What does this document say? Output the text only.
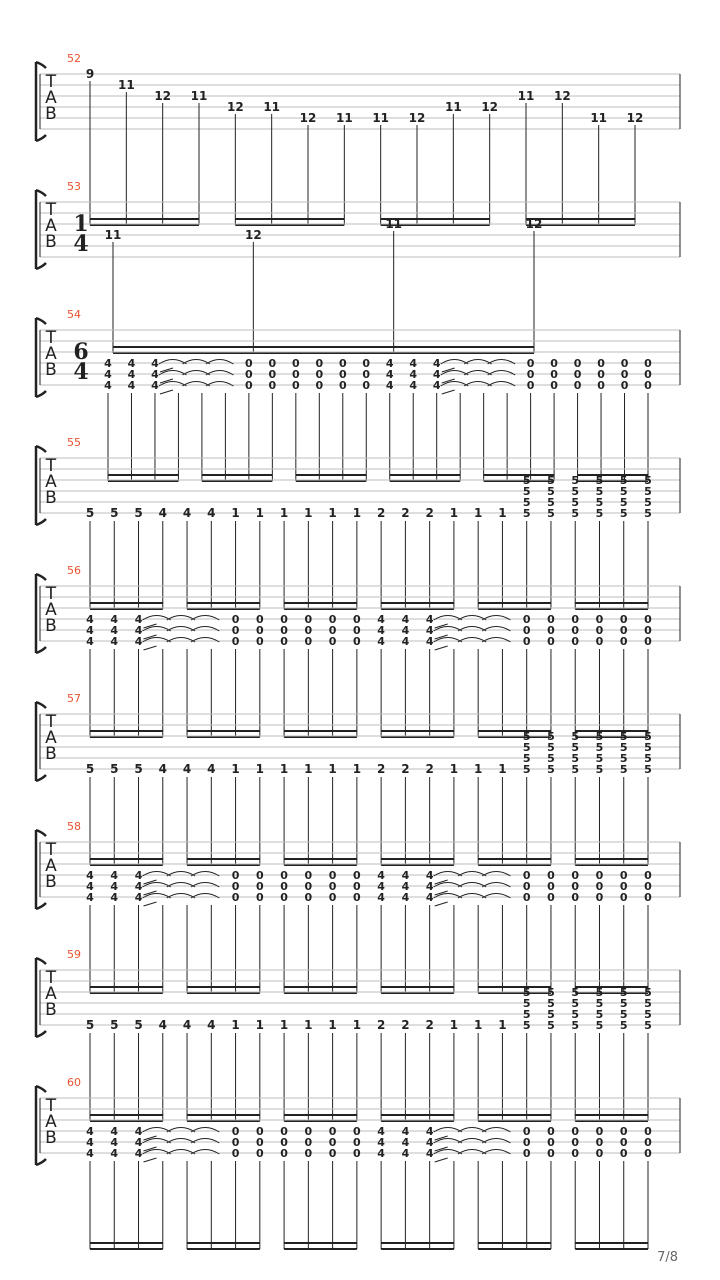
T
A
B
52
9
11
12 11
12 11
12 11 11 12
11 12
11 12
11 12
T
A
B
53
1
4 11	12
11	12
T
A
B
54
6
4 4
4
4
4
4
4
4
4
4
0
0
0
0
0
0
0
0
0
0
0
0
0
0
0
0
0
0
4
4
4
4
4
4
4
4
4
0
0
0
0
0
0
0
0
0
0
0
0
0
0
0
0
0
0
T
A
B
55
5 5 5 4 4 4 1 1 1 1 1 1 2 2 2 1 1 1
5
5
5
5
5
5
5
5
5
5
5
5
5
5
5
5
5
5
5
5
5
5
5
5
T
A
B
56
4
4
4
4
4
4
4
4
4
0
0
0
0
0
0
0
0
0
0
0
0
0
0
0
0
0
0
4
4
4
4
4
4
4
4
4
0
0
0
0
0
0
0
0
0
0
0
0
0
0
0
0
0
0
T
A
B
57
5 5 5 4 4 4 1 1 1 1 1 1 2 2 2 1 1 1
5
5
5
5
5
5
5
5
5
5
5
5
5
5
5
5
5
5
5
5
5
5
5
5
T
A
B
58
4
4
4
4
4
4
4
4
4
0
0
0
0
0
0
0
0
0
0
0
0
0
0
0
0
0
0
4
4
4
4
4
4
4
4
4
0
0
0
0
0
0
0
0
0
0
0
0
0
0
0
0
0
0
T
A
B
59
5 5 5 4 4 4 1 1 1 1 1 1 2 2 2 1 1 1
5
5
5
5
5
5
5
5
5
5
5
5
5
5
5
5
5
5
5
5
5
5
5
5
T
A
B
60
4
4
4
4
4
4
4
4
4
0
0
0
0
0
0
0
0
0
0
0
0
0
0
0
0
0
0
4
4
4
4
4
4
4
4
4
0
0
0
0
0
0
0
0
0
0
0
0
0
0
0
0
0
0
7/8
